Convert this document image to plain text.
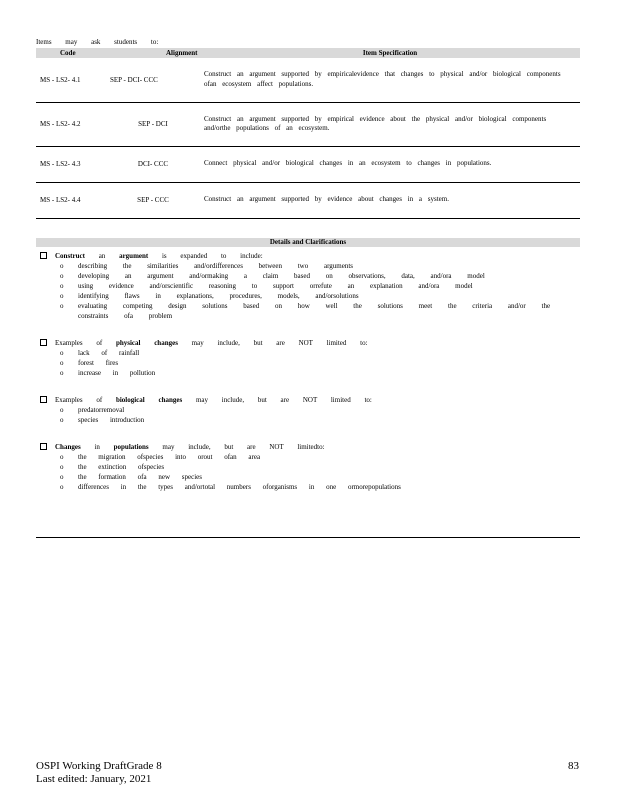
Items may ask students to:
Code	Alignment	Item Specification
MS - LS2- 4.1	SEP - DCI- CCC	Construct an argument supported by empiricalevidence that changes to physical and/or biological components ofan ecosystem affect populations.
MS - LS2- 4.2	SEP - DCI	Construct an argument supported by empirical evidence about the physical and/or biological components and/orthe populations of an ecosystem.
MS - LS2- 4.3	DCI- CCC	Connect physical and/or biological changes in an ecosystem to changes in populations.
MS - LS2- 4.4	SEP - CCC	Construct an argument supported by evidence about changes in a system.
Details and Clarifications
Construct an argument is expanded to include:
o	describing the similarities and/ordifferences between two arguments
o	developing an argument and/ormaking a claim based on observations, data, and/ora model
o	using evidence and/orscientific reasoning to support orrefute an explanation and/ora model
o	identifying flaws in explanations, procedures, models, and/orsolutions
o	evaluating competing design solutions based on how well the solutions meet the criteria and/or the constraints ofa problem
Examples of physical changes may include, but are NOT limited to:
o	lack of rainfall
o	forest fires
o	increase in pollution
Examples of biological changes may include, but are NOT limited to:
o	predatorremoval
o	species introduction
Changes in populations may include, but are NOT limitedto:
o	the migration ofspecies into orout ofan area
o	the extinction ofspecies
o	the formation ofa new species
o	differences in the types and/ortotal numbers oforganisms in one ormorepopulations
OSPI Working DraftGrade 8
Last edited: January, 2021
83
